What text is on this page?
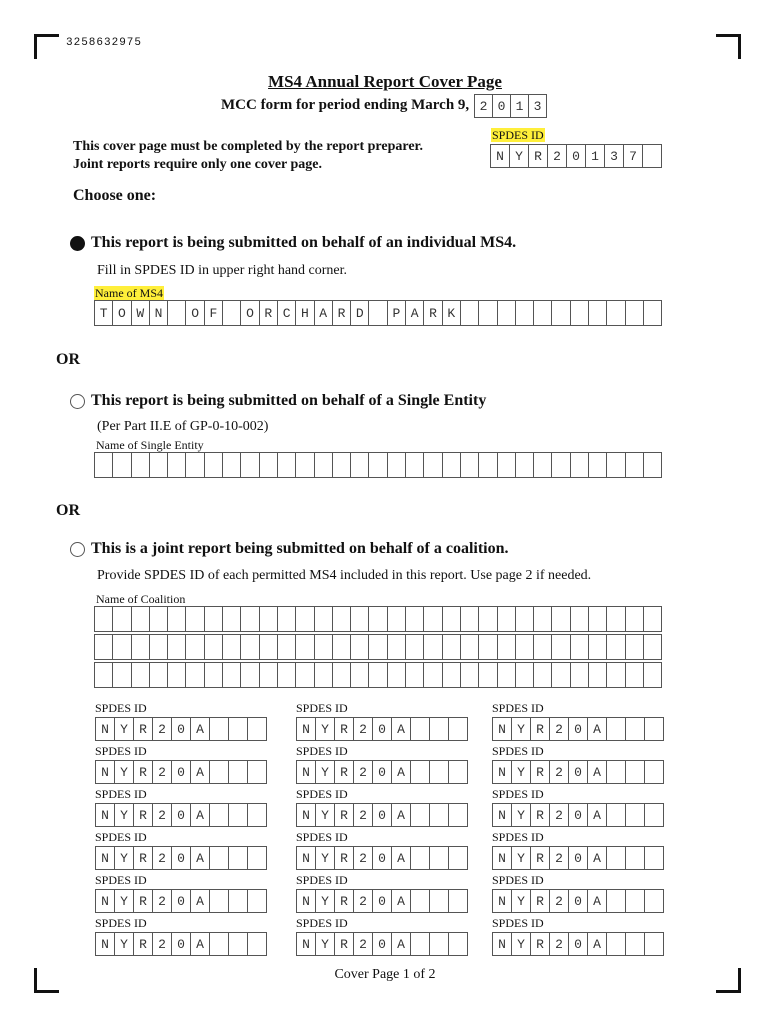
3258632975
MS4 Annual Report Cover Page
MCC form for period ending March 9, 2 0 1 3
This cover page must be completed by the report preparer.
Joint reports require only one cover page.
SPDES ID
N Y R 2 0 1 3 7
Choose one:
This report is being submitted on behalf of an individual MS4.
Fill in SPDES ID in upper right hand corner.
Name of MS4
T O W N	O F	O R C H A R D	P A R K
OR
This report is being submitted on behalf of a Single Entity
(Per Part II.E of GP-0-10-002)
Name of Single Entity
OR
This is a joint report being submitted on behalf of a coalition.
Provide SPDES ID of each permitted MS4 included in this report. Use page 2 if needed.
Name of Coalition
SPDES ID
N Y R 2 0 A
SPDES ID
N Y R 2 0 A
SPDES ID
N Y R 2 0 A
SPDES ID
N Y R 2 0 A
SPDES ID
N Y R 2 0 A
SPDES ID
N Y R 2 0 A
SPDES ID
N Y R 2 0 A
SPDES ID
N Y R 2 0 A
SPDES ID
N Y R 2 0 A
SPDES ID
N Y R 2 0 A
SPDES ID
N Y R 2 0 A
SPDES ID
N Y R 2 0 A
SPDES ID
N Y R 2 0 A
SPDES ID
N Y R 2 0 A
SPDES ID
N Y R 2 0 A
SPDES ID
N Y R 2 0 A
SPDES ID
N Y R 2 0 A
SPDES ID
N Y R 2 0 A
Cover Page 1 of 2
